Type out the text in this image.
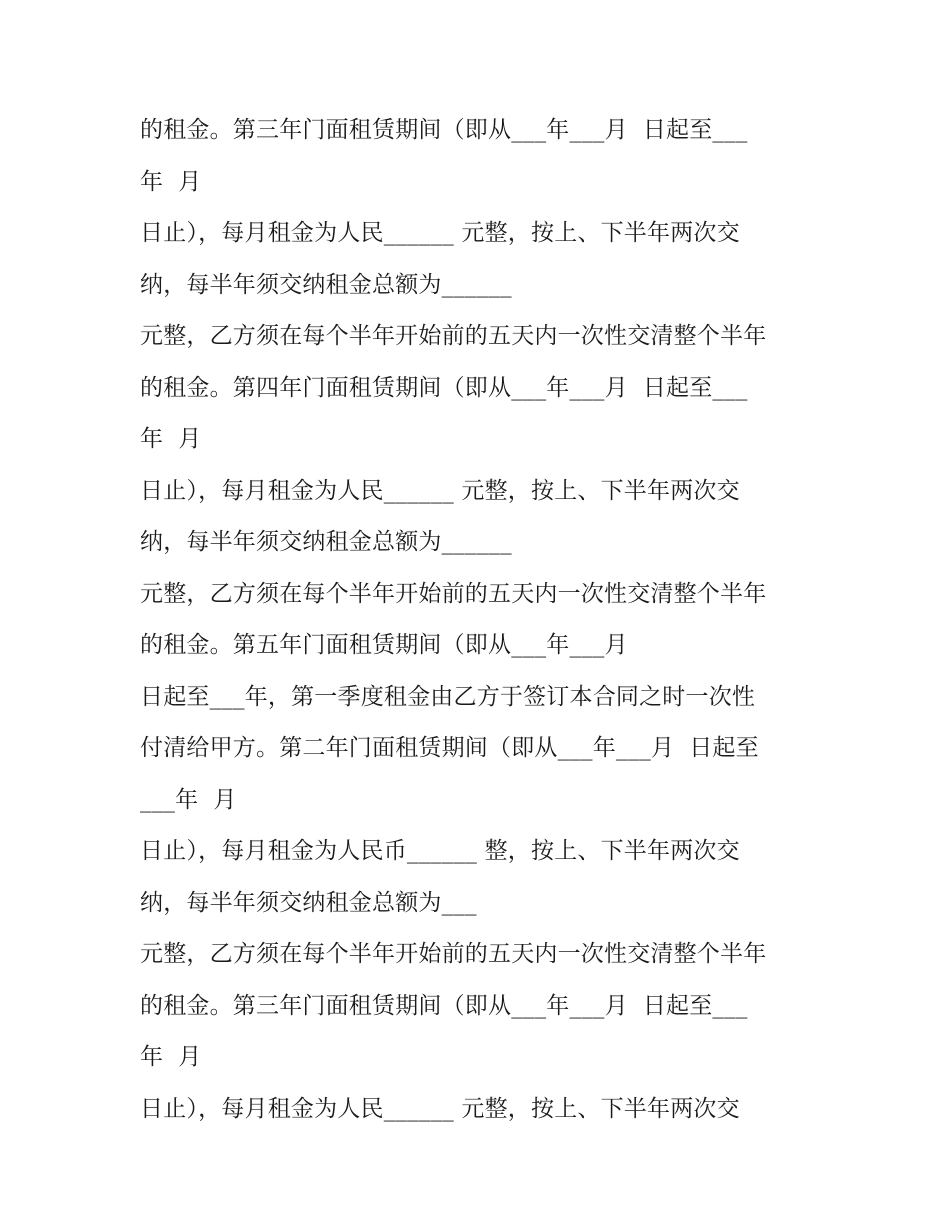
的租金。第三年门面租赁期间（即从___年___月  日起至___
年  月
日止），每月租金为人民______ 元整，按上、下半年两次交
纳，每半年须交纳租金总额为______
元整，乙方须在每个半年开始前的五天内一次性交清整个半年
的租金。第四年门面租赁期间（即从___年___月  日起至___
年  月
日止），每月租金为人民______ 元整，按上、下半年两次交
纳，每半年须交纳租金总额为______
元整，乙方须在每个半年开始前的五天内一次性交清整个半年
的租金。第五年门面租赁期间（即从___年___月
日起至___年，第一季度租金由乙方于签订本合同之时一次性
付清给甲方。第二年门面租赁期间（即从___年___月  日起至
___年  月
日止），每月租金为人民币______ 整，按上、下半年两次交
纳，每半年须交纳租金总额为___
元整，乙方须在每个半年开始前的五天内一次性交清整个半年
的租金。第三年门面租赁期间（即从___年___月  日起至___
年  月
日止），每月租金为人民______ 元整，按上、下半年两次交
